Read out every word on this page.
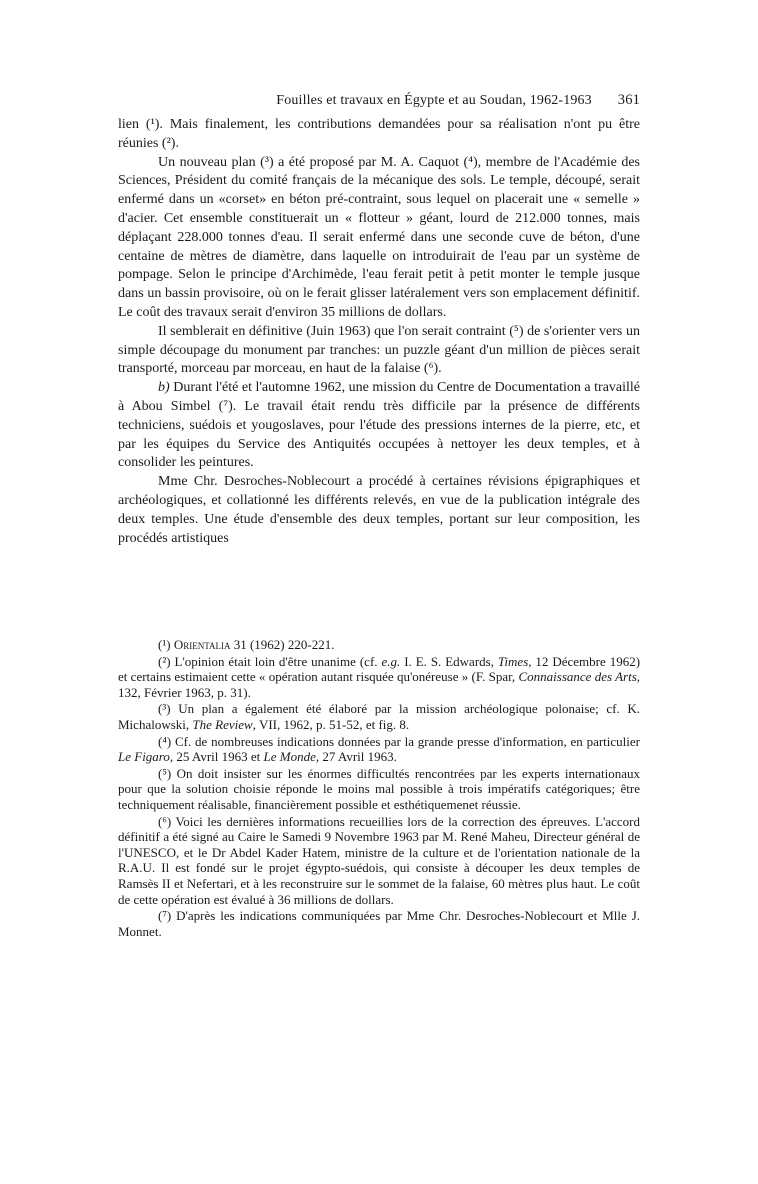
Fouilles et travaux en Égypte et au Soudan, 1962-1963 361

lien (¹). Mais finalement, les contributions demandées pour sa réalisation n'ont pu être réunies (²).

Un nouveau plan (³) a été proposé par M. A. Caquot (⁴), membre de l'Académie des Sciences, Président du comité français de la mécanique des sols. Le temple, découpé, serait enfermé dans un «corset» en béton pré-contraint, sous lequel on placerait une « semelle » d'acier. Cet ensemble constituerait un « flotteur » géant, lourd de 212.000 tonnes, mais déplaçant 228.000 tonnes d'eau. Il serait enfermé dans une seconde cuve de béton, d'une centaine de mètres de diamètre, dans laquelle on introduirait de l'eau par un système de pompage. Selon le principe d'Archimède, l'eau ferait petit à petit monter le temple jusque dans un bassin provisoire, où on le ferait glisser latéralement vers son emplacement définitif. Le coût des travaux serait d'environ 35 millions de dollars.

Il semblerait en définitive (Juin 1963) que l'on serait contraint (⁵) de s'orienter vers un simple découpage du monument par tranches: un puzzle géant d'un million de pièces serait transporté, morceau par morceau, en haut de la falaise (⁶).

b) Durant l'été et l'automne 1962, une mission du Centre de Documentation a travaillé à Abou Simbel (⁷). Le travail était rendu très difficile par la présence de différents techniciens, suédois et yougoslaves, pour l'étude des pressions internes de la pierre, etc, et par les équipes du Service des Antiquités occupées à nettoyer les deux temples, et à consolider les peintures.

Mme Chr. Desroches-Noblecourt a procédé à certaines révisions épigraphiques et archéologiques, et collationné les différents relevés, en vue de la publication intégrale des deux temples. Une étude d'ensemble des deux temples, portant sur leur composition, les procédés artistiques

(¹) Orientalia 31 (1962) 220-221.

(²) L'opinion était loin d'être unanime (cf. e.g. I. E. S. Edwards, Times, 12 Décembre 1962) et certains estimaient cette « opération autant risquée qu'onéreuse » (F. Spar, Connaissance des Arts, 132, Février 1963, p. 31).

(³) Un plan a également été élaboré par la mission archéologique polonaise; cf. K. Michalowski, The Review, VII, 1962, p. 51-52, et fig. 8.

(⁴) Cf. de nombreuses indications données par la grande presse d'information, en particulier Le Figaro, 25 Avril 1963 et Le Monde, 27 Avril 1963.

(⁵) On doit insister sur les énormes difficultés rencontrées par les experts internationaux pour que la solution choisie réponde le moins mal possible à trois impératifs catégoriques; être techniquement réalisable, financièrement possible et esthétiquemenet réussie.

(⁶) Voici les dernières informations recueillies lors de la correction des épreuves. L'accord définitif a été signé au Caire le Samedi 9 Novembre 1963 par M. René Maheu, Directeur général de l'UNESCO, et le Dr Abdel Kader Hatem, ministre de la culture et de l'orientation nationale de la R.A.U. Il est fondé sur le projet égypto-suédois, qui consiste à découper les deux temples de Ramsès II et Nefertari, et à les reconstruire sur le sommet de la falaise, 60 mètres plus haut. Le coût de cette opération est évalué à 36 millions de dollars.

(⁷) D'après les indications communiquées par Mme Chr. Desroches-Noblecourt et Mlle J. Monnet.
